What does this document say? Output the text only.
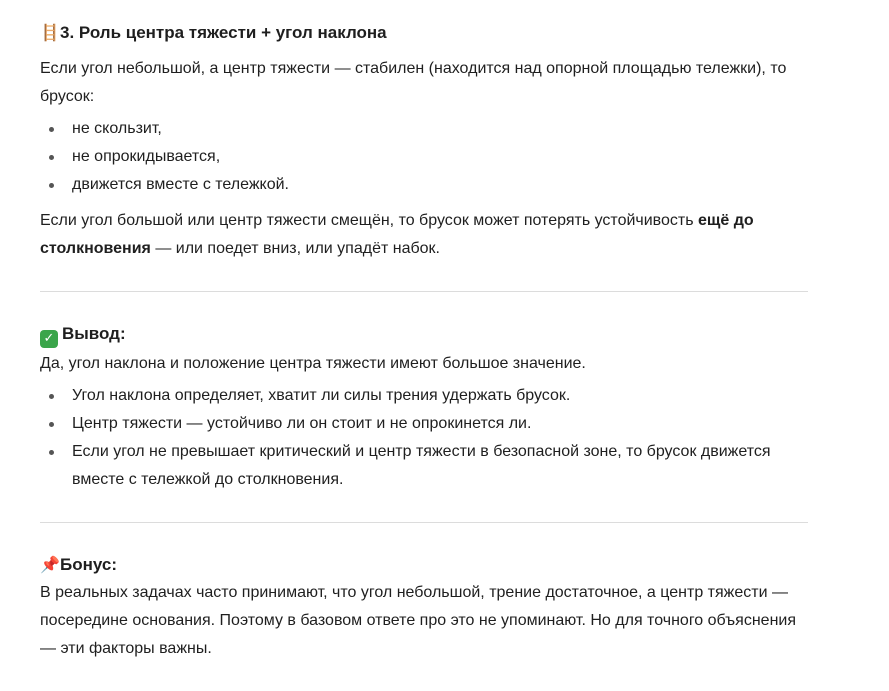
🪜3. Роль центра тяжести + угол наклона

Если угол небольшой, а центр тяжести — стабилен (находится над опорной площадью тележки), то брусок:

не скользит,
не опрокидывается,
движется вместе с тележкой.

Если угол большой или центр тяжести смещён, то брусок может потерять устойчивость ещё до столкновения — или поедет вниз, или упадёт набок.

✓ Вывод:

Да, угол наклона и положение центра тяжести имеют большое значение.

Угол наклона определяет, хватит ли силы трения удержать брусок.
Центр тяжести — устойчиво ли он стоит и не опрокинется ли.
Если угол не превышает критический и центр тяжести в безопасной зоне, то брусок движется вместе с тележкой до столкновения.
📌Бонус:

В реальных задачах часто принимают, что угол небольшой, трение достаточное, а центр тяжести — посередине основания. Поэтому в базовом ответе про это не упоминают. Но для точного объяснения — эти факторы важны.
